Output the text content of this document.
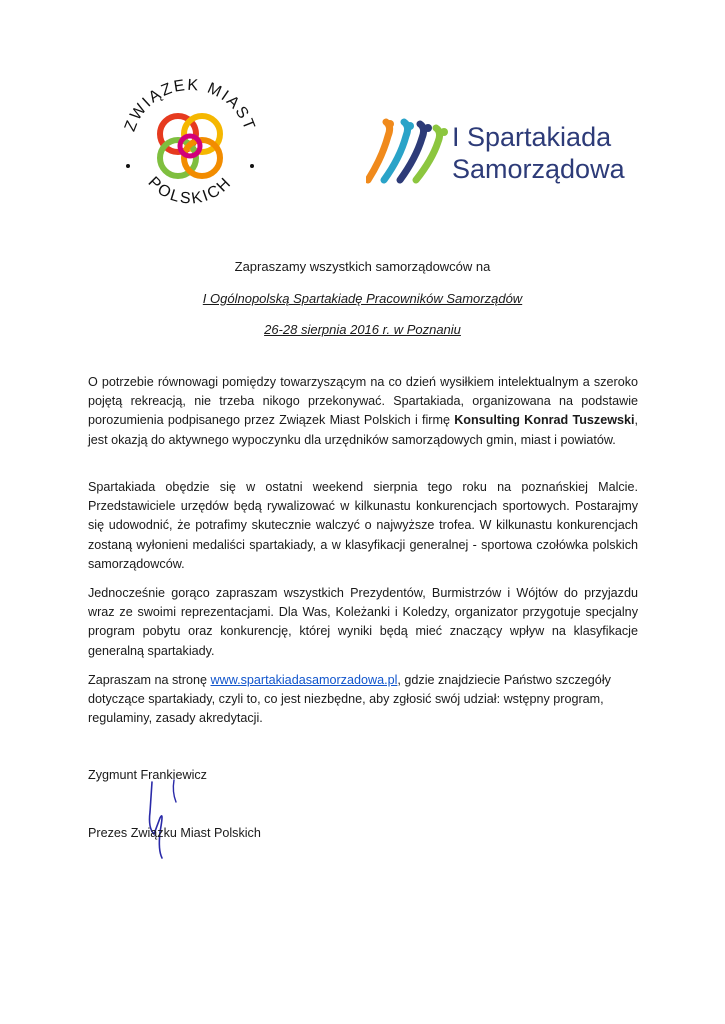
ZWIĄZEK MIAST
POLSKICH
I Spartakiada
Samorządowa
Zapraszamy wszystkich samorządowców na
I Ogólnopolską Spartakiadę Pracowników Samorządów
26-28 sierpnia 2016 r. w Poznaniu

O potrzebie równowagi pomiędzy towarzyszącym na co dzień wysiłkiem intelektualnym a szeroko pojętą rekreacją, nie trzeba nikogo przekonywać. Spartakiada, organizowana na podstawie porozumienia podpisanego przez Związek Miast Polskich i firmę Konsulting Konrad Tuszewski, jest okazją do aktywnego wypoczynku dla urzędników samorządowych gmin, miast i powiatów.

Spartakiada obędzie się w ostatni weekend sierpnia tego roku na poznańskiej Malcie. Przedstawiciele urzędów będą rywalizować w kilkunastu konkurencjach sportowych. Postarajmy się udowodnić, że potrafimy skutecznie walczyć o najwyższe trofea. W kilkunastu konkurencjach zostaną wyłonieni medaliści spartakiady, a w klasyfikacji generalnej - sportowa czołówka polskich samorządowców.

Jednocześnie gorąco zapraszam wszystkich Prezydentów, Burmistrzów i Wójtów do przyjazdu wraz ze swoimi reprezentacjami. Dla Was, Koleżanki i Koledzy, organizator przygotuje specjalny program pobytu oraz konkurencję, której wyniki będą mieć znaczący wpływ na klasyfikacje generalną spartakiady.

Zapraszam na stronę www.spartakiadasamorzadowa.pl, gdzie znajdziecie Państwo szczegóły dotyczące spartakiady, czyli to, co jest niezbędne, aby zgłosić swój udział: wstępny program, regulaminy, zasady akredytacji.

Zygmunt Frankiewicz
Prezes Związku Miast Polskich
